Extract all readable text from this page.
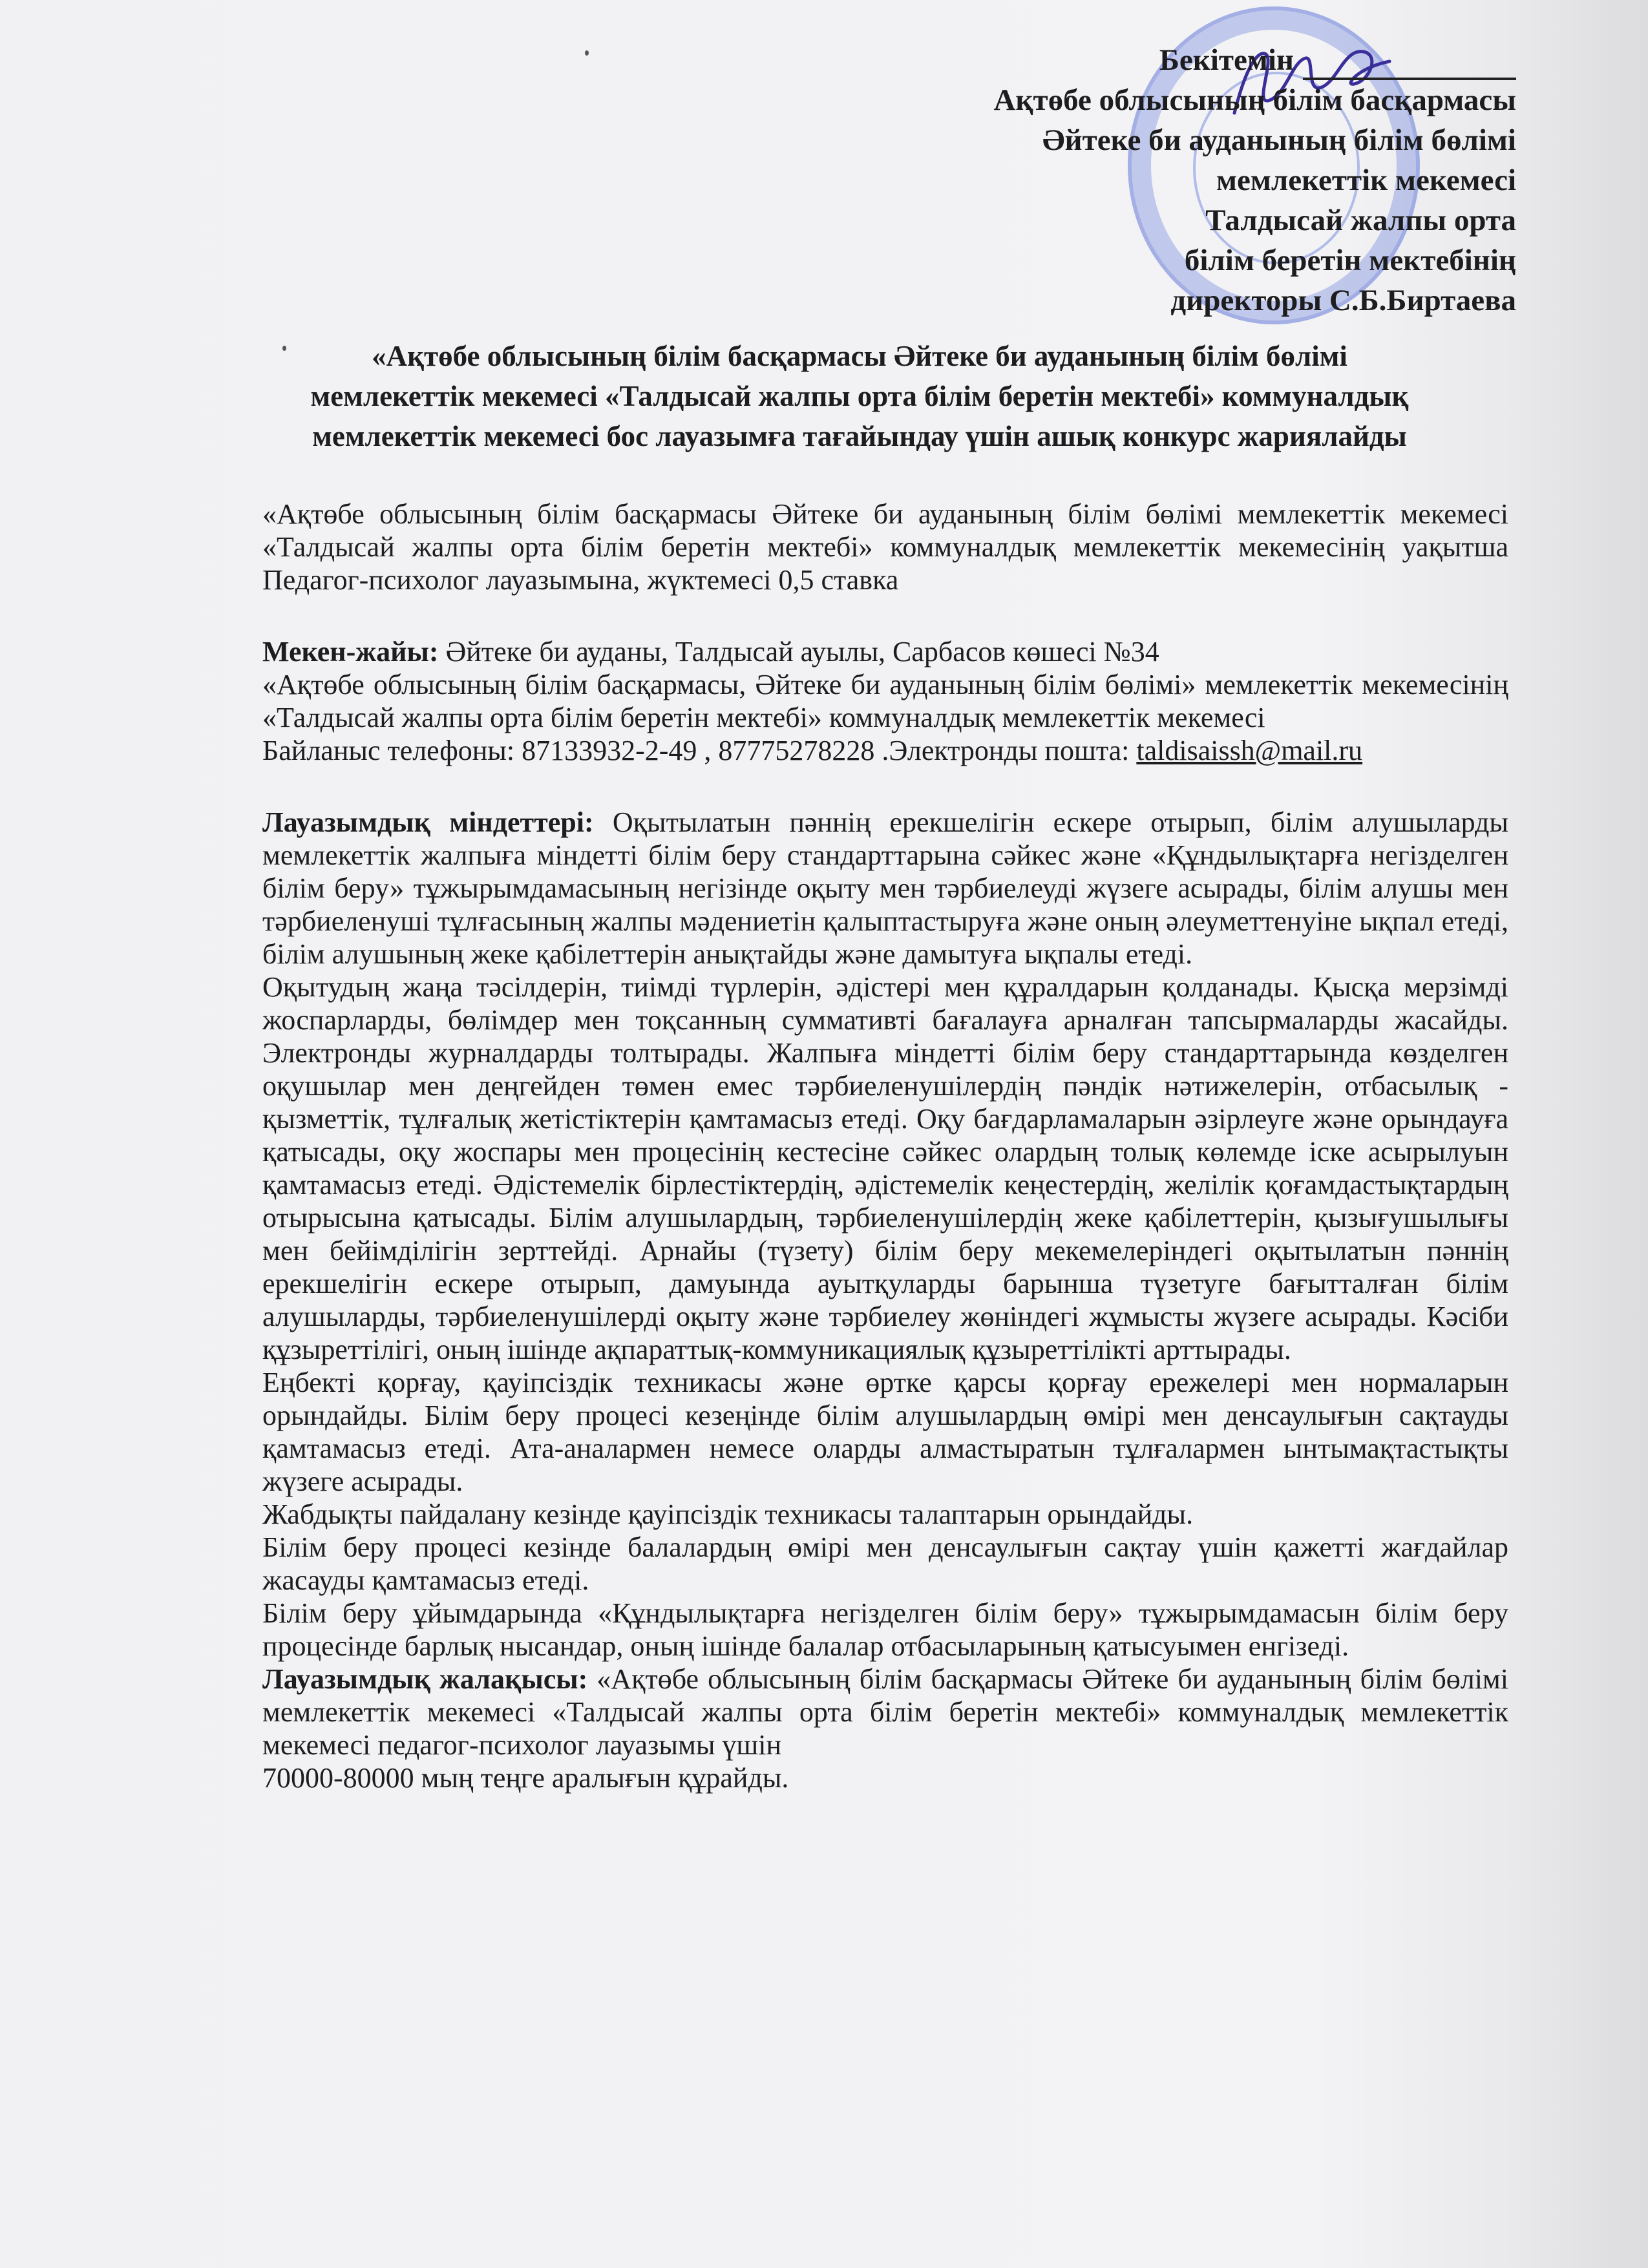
Бекітемін
Ақтөбе облысының білім басқармасы
Әйтеке би ауданының білім бөлімі
мемлекеттік мекемесі
Талдысай жалпы орта
білім беретін мектебінің
директоры С.Б.Биртаева
«Ақтөбе облысының білім басқармасы Әйтеке би ауданының білім бөлімі
мемлекеттік мекемесі «Талдысай жалпы орта білім беретін мектебі» коммуналдық
мемлекеттік мекемесі бос лауазымға тағайындау үшін ашық конкурс жариялайды

«Ақтөбе облысының білім басқармасы Әйтеке би ауданының білім бөлімі мемлекеттік мекемесі «Талдысай жалпы орта білім беретін мектебі» коммуналдық мемлекеттік мекемесінің уақытша Педагог-психолог лауазымына, жүктемесі 0,5 ставка

Мекен-жайы: Әйтеке би ауданы, Талдысай ауылы, Сарбасов көшесі №34

«Ақтөбе облысының білім басқармасы, Әйтеке би ауданының білім бөлімі» мемлекеттік мекемесінің «Талдысай жалпы орта білім беретін мектебі» коммуналдық мемлекеттік мекемесі

Байланыс телефоны: 87133932-2-49 , 87775278228 .Электронды пошта: taldisaissh@mail.ru

Лауазымдық міндеттері: Оқытылатын пәннің ерекшелігін ескере отырып, білім алушыларды мемлекеттік жалпыға міндетті білім беру стандарттарына сәйкес және «Құндылықтарға негізделген білім беру» тұжырымдамасының негізінде оқыту мен тәрбиелеуді жүзеге асырады, білім алушы мен тәрбиеленуші тұлғасының жалпы мәдениетін қалыптастыруға және оның әлеуметтенуіне ықпал етеді, білім алушының жеке қабілеттерін анықтайды және дамытуға ықпалы етеді.

Оқытудың жаңа тәсілдерін, тиімді түрлерін, әдістері мен құралдарын қолданады. Қысқа мерзімді жоспарларды, бөлімдер мен тоқсанның суммативті бағалауға арналған тапсырмаларды жасайды. Электронды журналдарды толтырады. Жалпыға міндетті білім беру стандарттарында көзделген оқушылар мен деңгейден төмен емес тәрбиеленушілердің пәндік нәтижелерін, отбасылық - қызметтік, тұлғалық жетістіктерін қамтамасыз етеді. Оқу бағдарламаларын әзірлеуге және орындауға қатысады, оқу жоспары мен процесінің кестесіне сәйкес олардың толық көлемде іске асырылуын қамтамасыз етеді. Әдістемелік бірлестіктердің, әдістемелік кеңестердің, желілік қоғамдастықтардың отырысына қатысады. Білім алушылардың, тәрбиеленушілердің жеке қабілеттерін, қызығушылығы мен бейімділігін зерттейді. Арнайы (түзету) білім беру мекемелеріндегі оқытылатын пәннің ерекшелігін ескере отырып, дамуында ауытқуларды барынша түзетуге бағытталған білім алушыларды, тәрбиеленушілерді оқыту және тәрбиелеу жөніндегі жұмысты жүзеге асырады. Кәсіби құзыреттілігі, оның ішінде ақпараттық-коммуникациялық құзыреттілікті арттырады.

Еңбекті қорғау, қауіпсіздік техникасы және өртке қарсы қорғау ережелері мен нормаларын орындайды. Білім беру процесі кезеңінде білім алушылардың өмірі мен денсаулығын сақтауды қамтамасыз етеді. Ата-аналармен немесе оларды алмастыратын тұлғалармен ынтымақтастықты жүзеге асырады.

Жабдықты пайдалану кезінде қауіпсіздік техникасы талаптарын орындайды.

Білім беру процесі кезінде балалардың өмірі мен денсаулығын сақтау үшін қажетті жағдайлар жасауды қамтамасыз етеді.

Білім беру ұйымдарында «Құндылықтарға негізделген білім беру» тұжырымдамасын білім беру процесінде барлық нысандар, оның ішінде балалар отбасыларының қатысуымен енгізеді.

Лауазымдық жалақысы: «Ақтөбе облысының білім басқармасы Әйтеке би ауданының білім бөлімі мемлекеттік мекемесі «Талдысай жалпы орта білім беретін мектебі» коммуналдық мемлекеттік мекемесі педагог-психолог лауазымы үшін

70000-80000 мың теңге аралығын құрайды.
